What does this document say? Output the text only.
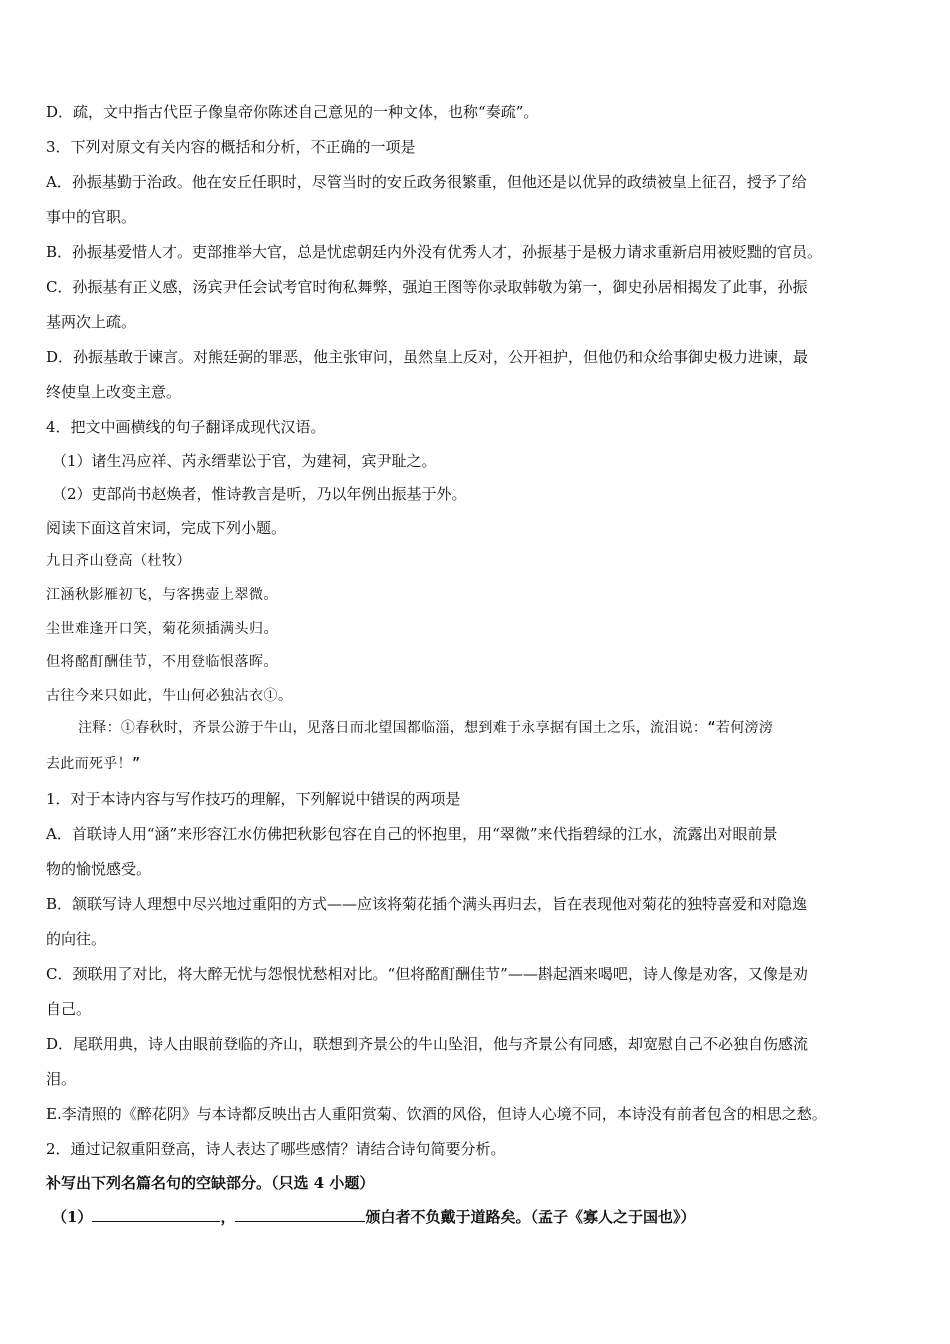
D．疏，文中指古代臣子像皇帝你陈述自己意见的一种文体，也称“奏疏”。
3．下列对原文有关内容的概括和分析，不正确的一项是
A．孙振基勤于治政。他在安丘任职时，尽管当时的安丘政务很繁重，但他还是以优异的政绩被皇上征召，授予了给
事中的官职。
B．孙振基爱惜人才。吏部推举大官，总是忧虑朝廷内外没有优秀人才，孙振基于是极力请求重新启用被贬黜的官员。
C．孙振基有正义感，汤宾尹任会试考官时徇私舞弊，强迫王图等你录取韩敬为第一，御史孙居相揭发了此事，孙振
基两次上疏。
D．孙振基敢于谏言。对熊廷弼的罪恶，他主张审问，虽然皇上反对，公开袒护，但他仍和众给事御史极力进谏，最
终使皇上改变主意。
4．把文中画横线的句子翻译成现代汉语。
（1）诸生冯应祥、芮永缙辈讼于官，为建祠，宾尹耻之。
（2）吏部尚书赵焕者，惟诗教言是听，乃以年例出振基于外。
阅读下面这首宋词，完成下列小题。
九日齐山登高（杜牧）
江涵秋影雁初飞，与客携壶上翠微。
尘世难逢开口笑，菊花须插满头归。
但将酩酊酬佳节，不用登临恨落晖。
古往今来只如此，牛山何必独沾衣①。
注释：①春秋时，齐景公游于牛山，见落日而北望国都临淄，想到难于永享据有国土之乐，流泪说：“若何滂滂
去此而死乎！”
1．对于本诗内容与写作技巧的理解，下列解说中错误的两项是
A．首联诗人用“涵”来形容江水仿佛把秋影包容在自己的怀抱里，用“翠微”来代指碧绿的江水，流露出对眼前景
物的愉悦感受。
B．颔联写诗人理想中尽兴地过重阳的方式——应该将菊花插个满头再归去，旨在表现他对菊花的独特喜爱和对隐逸
的向往。
C．颈联用了对比，将大醉无忧与怨恨忧愁相对比。“但将酩酊酬佳节”——斟起酒来喝吧，诗人像是劝客，又像是劝
自己。
D．尾联用典，诗人由眼前登临的齐山，联想到齐景公的牛山坠泪，他与齐景公有同感，却宽慰自己不必独自伤感流
泪。
E.李清照的《醉花阴》与本诗都反映出古人重阳赏菊、饮酒的风俗，但诗人心境不同，本诗没有前者包含的相思之愁。
2．通过记叙重阳登高，诗人表达了哪些感情？请结合诗句简要分析。
补写出下列名篇名句的空缺部分。（只选 4 小题）
（1）	，	颁白者不负戴于道路矣。（孟子《寡人之于国也》）
